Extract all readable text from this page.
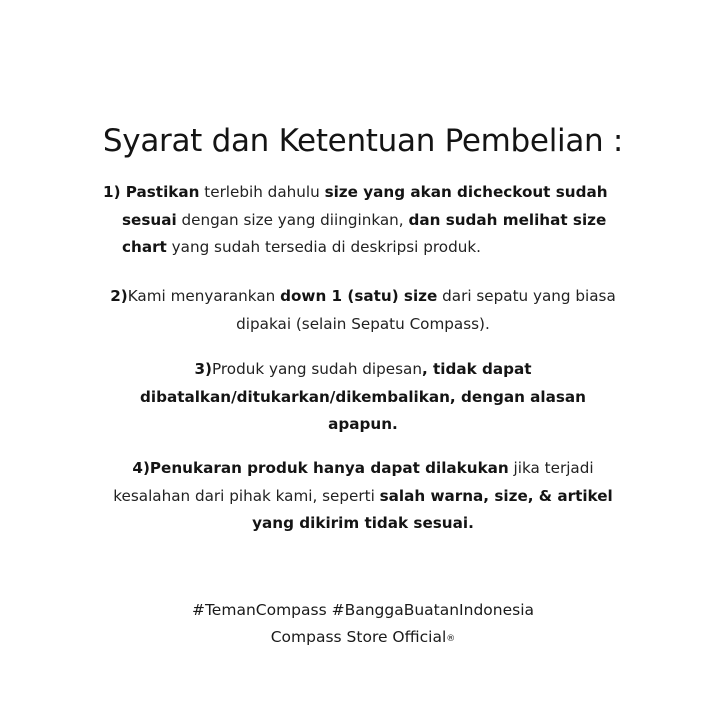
Syarat dan Ketentuan Pembelian :

1) Pastikan terlebih dahulu size yang akan dicheckout sudah
sesuai dengan size yang diinginkan, dan sudah melihat size
chart yang sudah tersedia di deskripsi produk.

2)Kami menyarankan down 1 (satu) size dari sepatu yang biasa
dipakai (selain Sepatu Compass).

3)Produk yang sudah dipesan, tidak dapat
dibatalkan/ditukarkan/dikembalikan, dengan alasan
apapun.

4)Penukaran produk hanya dapat dilakukan jika terjadi
kesalahan dari pihak kami, seperti salah warna, size, & artikel
yang dikirim tidak sesuai.

#TemanCompass #BanggaBuatanIndonesia

Compass Store Official®
